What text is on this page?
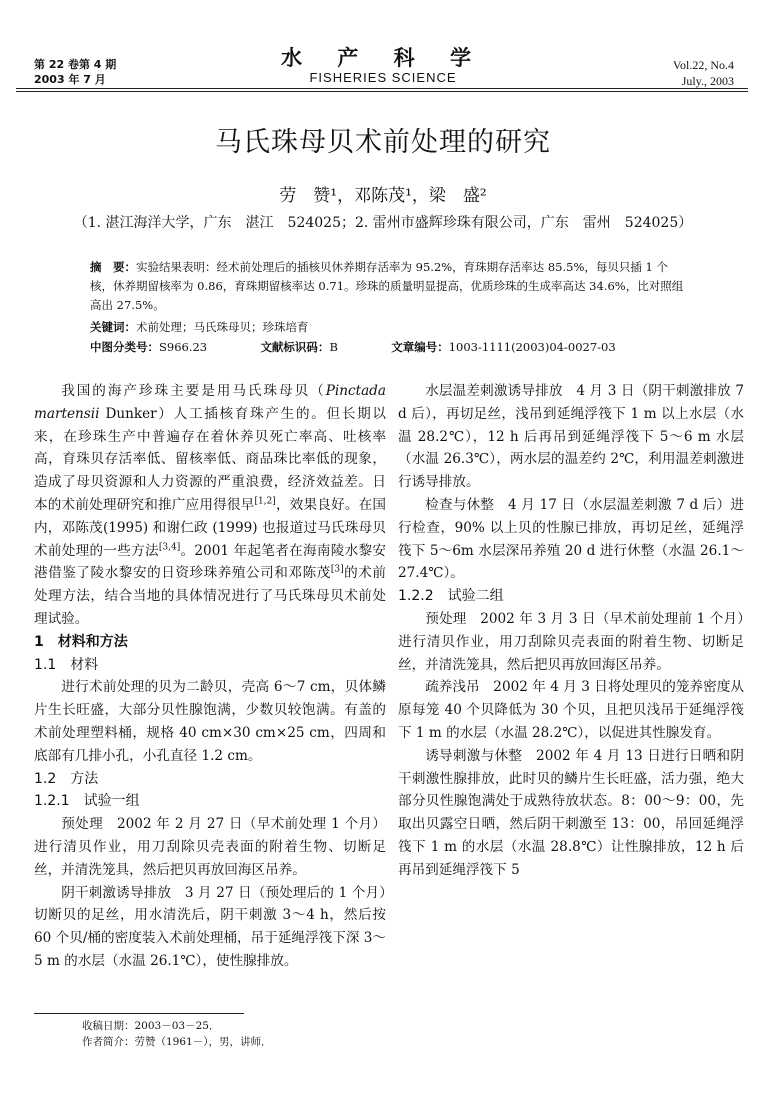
第 22 卷第 4 期
2003 年 7 月
水 产 科 学
FISHERIES SCIENCE
Vol.22, No.4
July., 2003
马氏珠母贝术前处理的研究
劳　赞¹，邓陈茂¹，梁　盛²
（1. 湛江海洋大学，广东　湛江　524025；2. 雷州市盛辉珍珠有限公司，广东　雷州　524025）
摘　要：实验结果表明：经术前处理后的插核贝休养期存活率为 95.2%，育珠期存活率达 85.5%，每贝只插 1 个核，休养期留核率为 0.86，育珠期留核率达 0.71。珍珠的质量明显提高，优质珍珠的生成率高达 34.6%，比对照组高出 27.5%。
关键词：术前处理；马氏珠母贝；珍珠培育
中图分类号：S966.23	文献标识码：B	文章编号：1003-1111(2003)04-0027-03

我国的海产珍珠主要是用马氏珠母贝（Pinctada martensii Dunker）人工插核育珠产生的。但长期以来，在珍珠生产中普遍存在着休养贝死亡率高、吐核率高，育珠贝存活率低、留核率低、商品珠比率低的现象，造成了母贝资源和人力资源的严重浪费，经济效益差。日本的术前处理研究和推广应用得很早[1,2]，效果良好。在国内，邓陈茂(1995) 和谢仁政 (1999) 也报道过马氏珠母贝术前处理的一些方法[3,4]。2001 年起笔者在海南陵水黎安港借鉴了陵水黎安的日资珍珠养殖公司和邓陈茂[3]的术前处理方法，结合当地的具体情况进行了马氏珠母贝术前处理试验。

1　材料和方法
1.1　材料

进行术前处理的贝为二龄贝，壳高 6～7 cm，贝体鳞片生长旺盛，大部分贝性腺饱满，少数贝较饱满。有盖的术前处理塑料桶，规格 40 cm×30 cm×25 cm，四周和底部有几排小孔，小孔直径 1.2 cm。

1.2　方法
1.2.1　试验一组

预处理　2002 年 2 月 27 日（早术前处理 1 个月）进行清贝作业，用刀刮除贝壳表面的附着生物、切断足丝，并清洗笼具，然后把贝再放回海区吊养。

阴干刺激诱导排放　3 月 27 日（预处理后的 1 个月）切断贝的足丝，用水清洗后，阴干刺激 3～4 h，然后按 60 个贝/桶的密度装入术前处理桶，吊于延绳浮筏下深 3～5 m 的水层（水温 26.1℃），使性腺排放。

水层温差刺激诱导排放　4 月 3 日（阴干刺激排放 7 d 后），再切足丝，浅吊到延绳浮筏下 1 m 以上水层（水温 28.2℃），12 h 后再吊到延绳浮筏下 5～6 m 水层（水温 26.3℃），两水层的温差约 2℃，利用温差刺激进行诱导排放。

检查与休整　4 月 17 日（水层温差刺激 7 d 后）进行检查，90% 以上贝的性腺已排放，再切足丝，延绳浮筏下 5～6m 水层深吊养殖 20 d 进行休整（水温 26.1～27.4℃）。

1.2.2　试验二组

预处理　2002 年 3 月 3 日（早术前处理前 1 个月）进行清贝作业，用刀刮除贝壳表面的附着生物、切断足丝，并清洗笼具，然后把贝再放回海区吊养。

疏养浅吊　2002 年 4 月 3 日将处理贝的笼养密度从原每笼 40 个贝降低为 30 个贝，且把贝浅吊于延绳浮筏下 1 m 的水层（水温 28.2℃），以促进其性腺发育。

诱导刺激与休整　2002 年 4 月 13 日进行日晒和阴干刺激性腺排放，此时贝的鳞片生长旺盛，活力强，绝大部分贝性腺饱满处于成熟待放状态。8：00～9：00，先取出贝露空日晒，然后阴干刺激至 13：00，吊回延绳浮筏下 1 m 的水层（水温 28.8℃）让性腺排放，12 h 后再吊到延绳浮筏下 5

收稿日期：2003－03－25．
作者简介：劳赞（1961－），男，讲师．
